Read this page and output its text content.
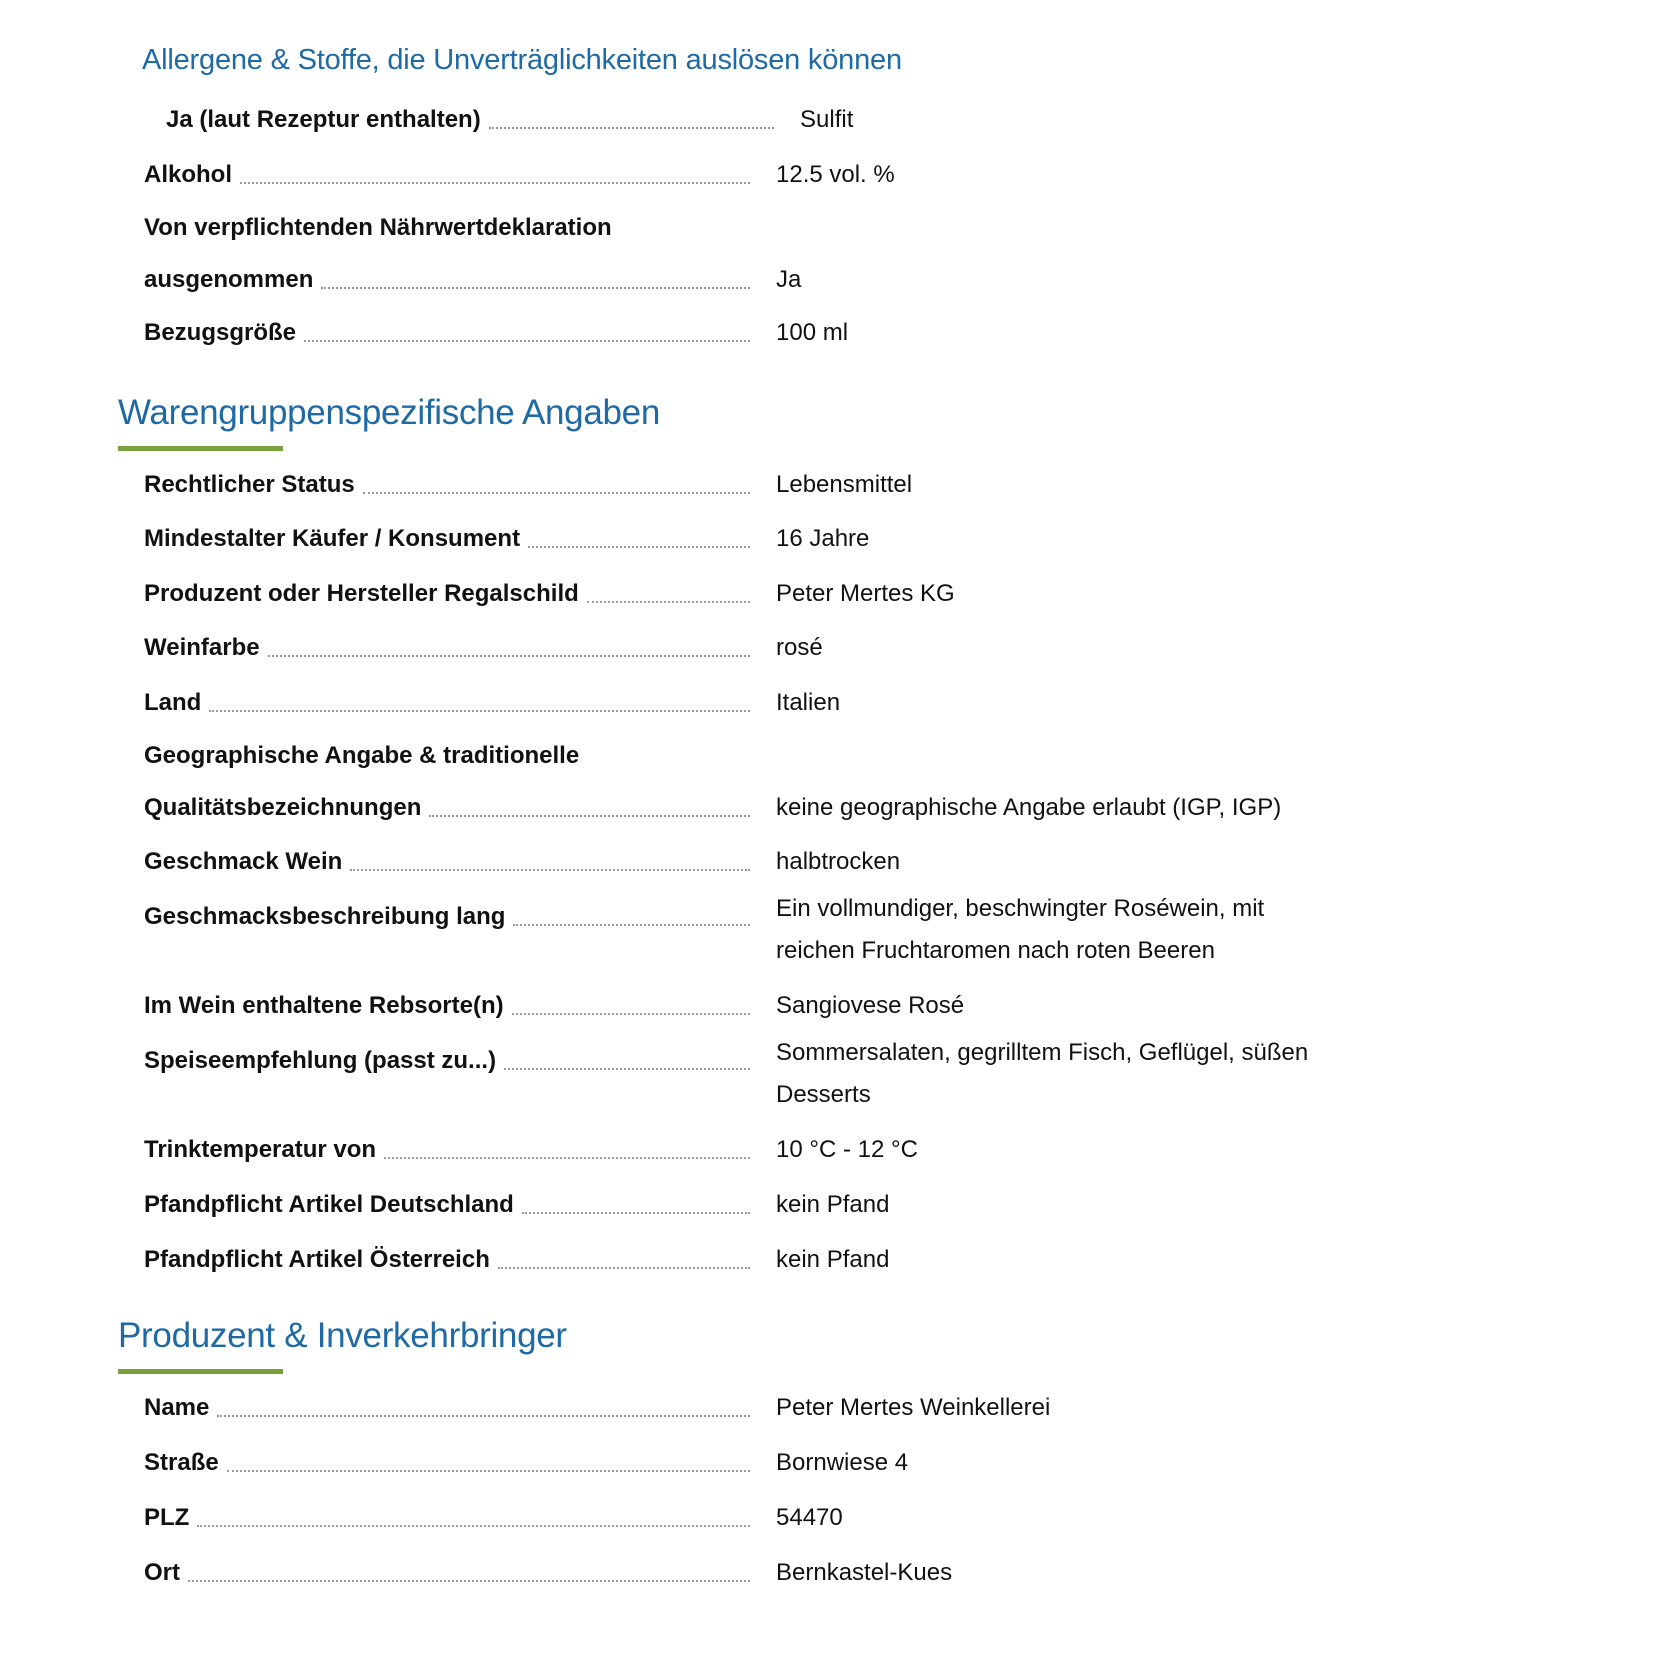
Allergene & Stoffe, die Unverträglichkeiten auslösen können
Ja (laut Rezeptur enthalten)	Sulfit
Alkohol	12.5 vol. %
Von verpflichtenden Nährwertdeklaration
ausgenommen	Ja
Bezugsgröße	100 ml
Warengruppenspezifische Angaben
Rechtlicher Status	Lebensmittel
Mindestalter Käufer / Konsument	16 Jahre
Produzent oder Hersteller Regalschild	Peter Mertes KG
Weinfarbe	rosé
Land	Italien
Geographische Angabe & traditionelle
Qualitätsbezeichnungen	keine geographische Angabe erlaubt (IGP, IGP)
Geschmack Wein	halbtrocken
Geschmacksbeschreibung lang	Ein vollmundiger, beschwingter Roséwein, mit
reichen Fruchtaromen nach roten Beeren
Im Wein enthaltene Rebsorte(n)	Sangiovese Rosé
Speiseempfehlung (passt zu...)	Sommersalaten, gegrilltem Fisch, Geflügel, süßen
Desserts
Trinktemperatur von	10 °C - 12 °C
Pfandpflicht Artikel Deutschland	kein Pfand
Pfandpflicht Artikel Österreich	kein Pfand
Produzent & Inverkehrbringer
Name	Peter Mertes Weinkellerei
Straße	Bornwiese 4
PLZ	54470
Ort	Bernkastel-Kues
